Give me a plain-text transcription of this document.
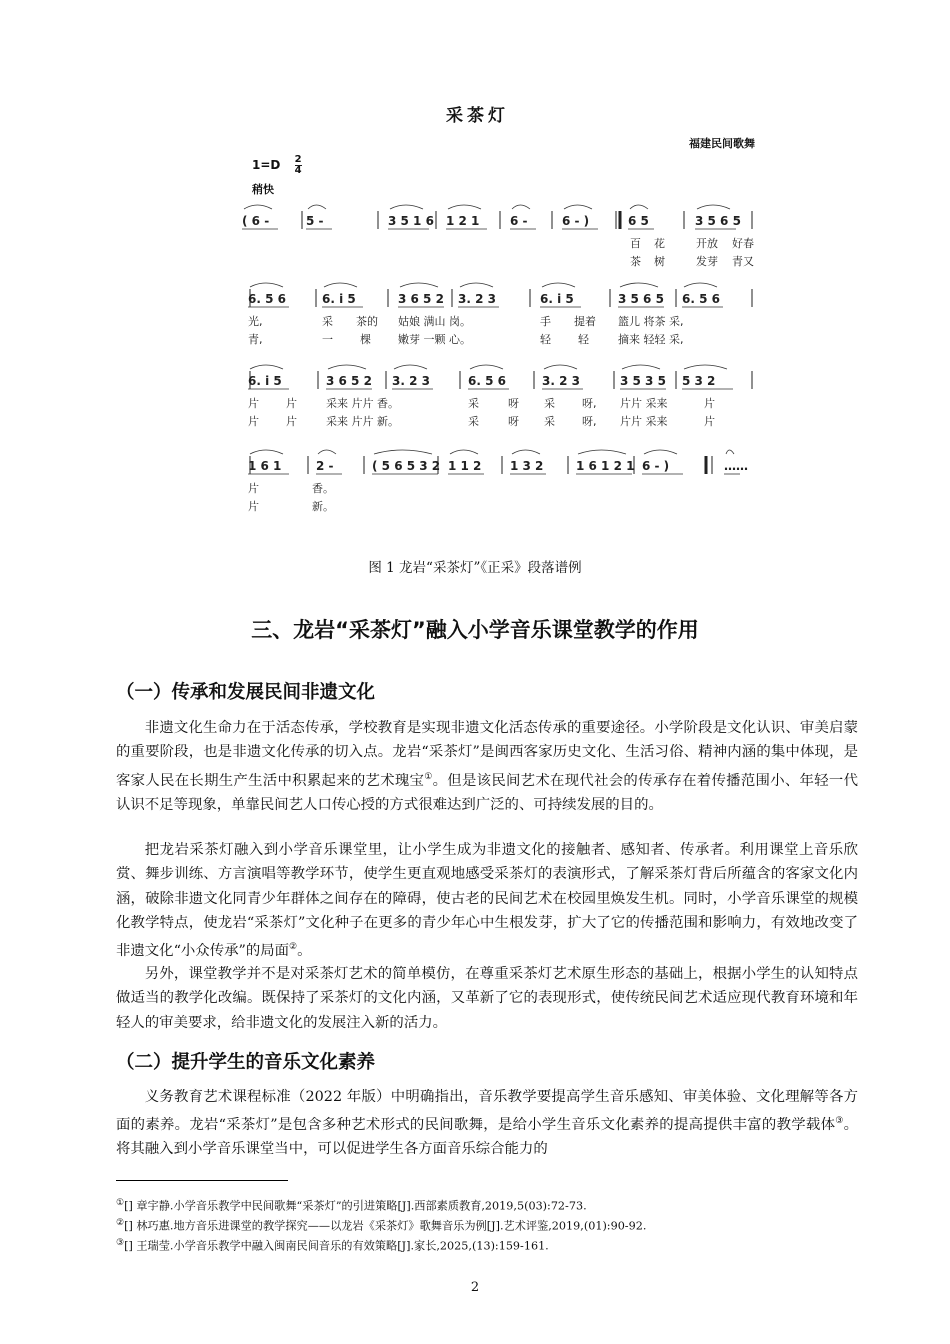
采茶灯
福建民间歌舞
$1=D \frac{2}{4}$
稍快
( 6 -	5 -	3 5 1 6 1 2 1	6 -	6 - )	6 5	3 5 6 5
百 花	开放 好春
茶 树	发芽 青又
6. 5 6	6. i 5	3 6 5 2 3. 2 3	6. i 5	3 5 6 5 6. 5 6
光,	采 茶的 姑娘 满山 岗。	手 提着 篮儿 将茶 采,
青,	一 棵 嫩芽 一颗 心。	轻 轻	摘来 轻轻 采,
6. i 5	3 6 5 2 3. 2 3	6. 5 6	3. 2 3	3 5 3 5 5 3 2
片 片	采来 片片 香。	采	呀 采 呀, 片片 采来	片
片 片	采来 片片 新。	采	呀 采 呀, 片片 采来	片
1 6 1	2 -	( 5 6 5 3 2 1 1 2 1 3 2	1 6 1 2 1 6 - )	……
片	香。
片	新。
图 1 龙岩“采茶灯”《正采》段落谱例
三、龙岩“采茶灯”融入小学音乐课堂教学的作用
（一）传承和发展民间非遗文化
非遗文化生命力在于活态传承，学校教育是实现非遗文化活态传承的重要途径。小学阶段是文化认识、审美启蒙的重要阶段，也是非遗文化传承的切入点。龙岩“采茶灯”是闽西客家历史文化、生活习俗、精神内涵的集中体现，是客家人民在长期生产生活中积累起来的艺术瑰宝①。但是该民间艺术在现代社会的传承存在着传播范围小、年轻一代认识不足等现象，单靠民间艺人口传心授的方式很难达到广泛的、可持续发展的目的。
把龙岩采茶灯融入到小学音乐课堂里，让小学生成为非遗文化的接触者、感知者、传承者。利用课堂上音乐欣赏、舞步训练、方言演唱等教学环节，使学生更直观地感受采茶灯的表演形式，了解采茶灯背后所蕴含的客家文化内涵，破除非遗文化同青少年群体之间存在的障碍，使古老的民间艺术在校园里焕发生机。同时，小学音乐课堂的规模化教学特点，使龙岩“采茶灯”文化种子在更多的青少年心中生根发芽，扩大了它的传播范围和影响力，有效地改变了非遗文化“小众传承”的局面②。
另外，课堂教学并不是对采茶灯艺术的简单模仿，在尊重采茶灯艺术原生形态的基础上，根据小学生的认知特点做适当的教学化改编。既保持了采茶灯的文化内涵，又革新了它的表现形式，使传统民间艺术适应现代教育环境和年轻人的审美要求，给非遗文化的发展注入新的活力。
（二）提升学生的音乐文化素养
义务教育艺术课程标准（2022 年版）中明确指出，音乐教学要提高学生音乐感知、审美体验、文化理解等各方面的素养。龙岩“采茶灯”是包含多种艺术形式的民间歌舞，是给小学生音乐文化素养的提高提供丰富的教学载体③。将其融入到小学音乐课堂当中，可以促进学生各方面音乐综合能力的
①[] 章宇静.小学音乐教学中民间歌舞“采茶灯”的引进策略[J].西部素质教育,2019,5(03):72-73.
②[] 林巧惠.地方音乐进课堂的教学探究——以龙岩《采茶灯》歌舞音乐为例[J].艺术评鉴,2019,(01):90-92.
③[] 王瑞莹.小学音乐教学中融入闽南民间音乐的有效策略[J].家长,2025,(13):159-161.
2
